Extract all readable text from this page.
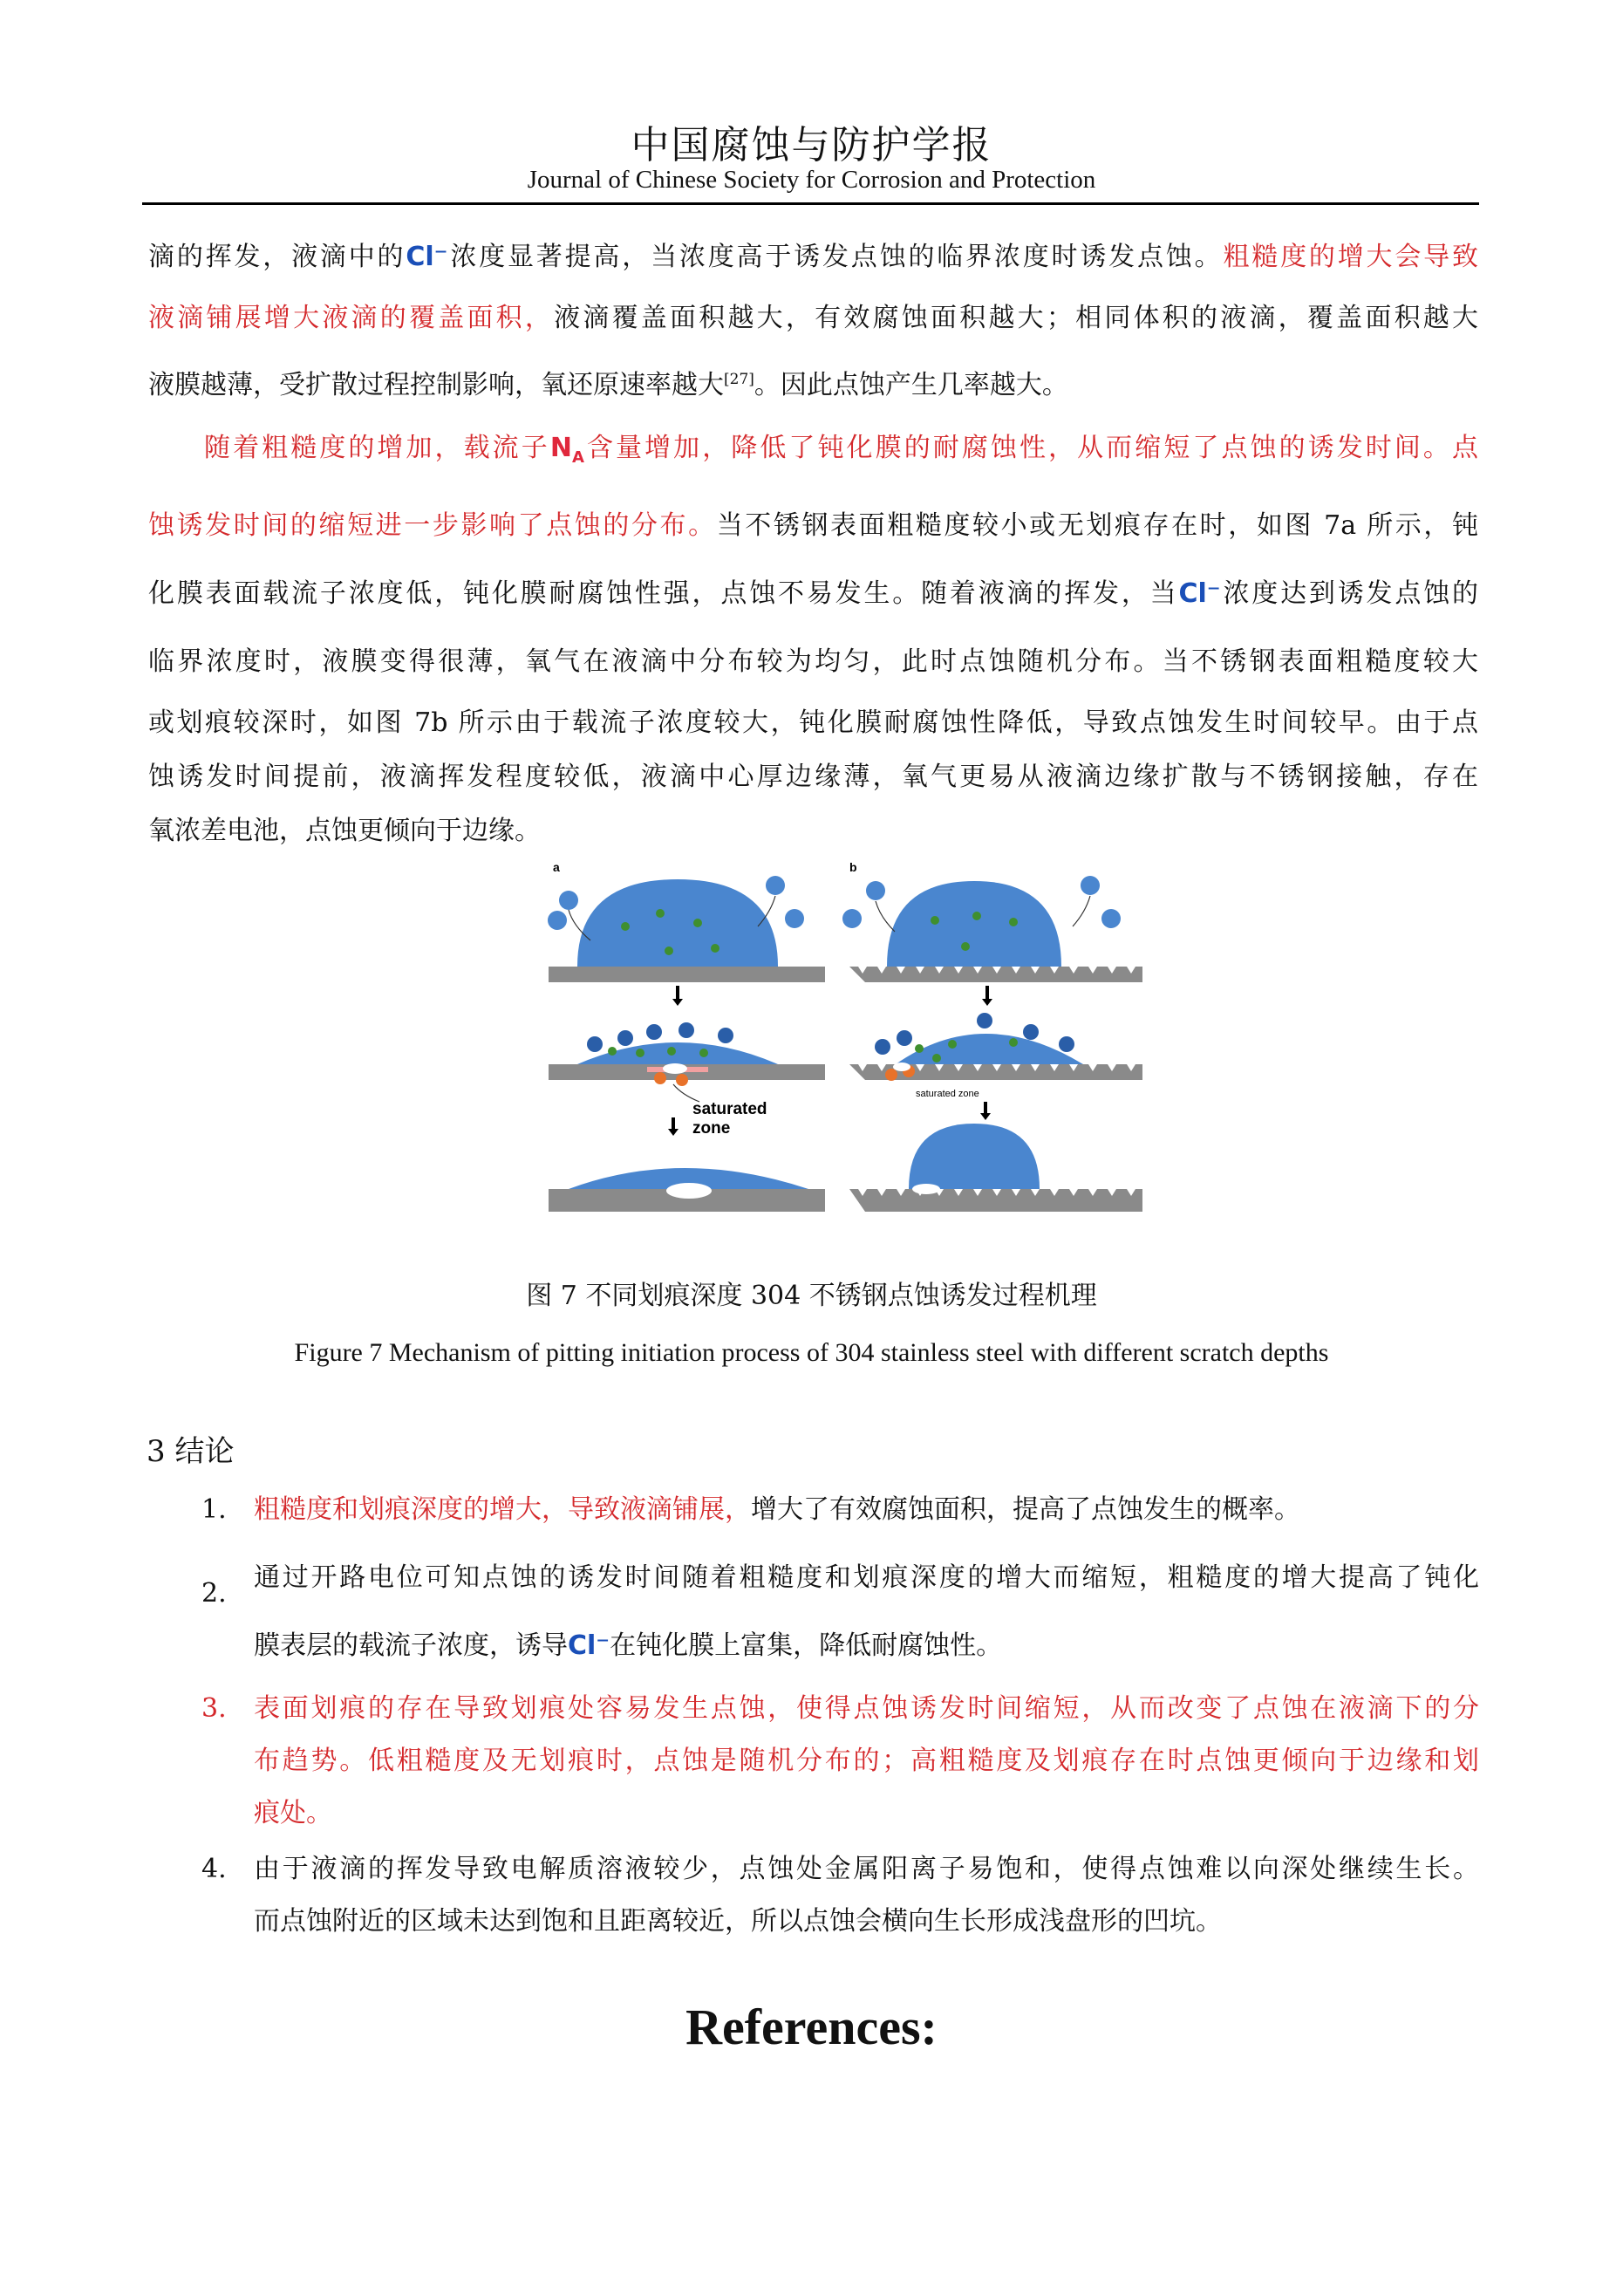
中国腐蚀与防护学报
Journal of Chinese Society for Corrosion and Protection
滴的挥发，液滴中的Cl⁻浓度显著提高，当浓度高于诱发点蚀的临界浓度时诱发点蚀。粗糙度的增大会导致
液滴铺展增大液滴的覆盖面积，液滴覆盖面积越大，有效腐蚀面积越大；相同体积的液滴，覆盖面积越大
液膜越薄，受扩散过程控制影响，氧还原速率越大[27]。因此点蚀产生几率越大。
随着粗糙度的增加，载流子$N_A$含量增加，降低了钝化膜的耐腐蚀性，从而缩短了点蚀的诱发时间。点
蚀诱发时间的缩短进一步影响了点蚀的分布。当不锈钢表面粗糙度较小或无划痕存在时，如图 7a 所示，钝
化膜表面载流子浓度低，钝化膜耐腐蚀性强，点蚀不易发生。随着液滴的挥发，当Cl⁻浓度达到诱发点蚀的
临界浓度时，液膜变得很薄，氧气在液滴中分布较为均匀，此时点蚀随机分布。当不锈钢表面粗糙度较大
或划痕较深时，如图 7b 所示由于载流子浓度较大，钝化膜耐腐蚀性降低，导致点蚀发生时间较早。由于点
蚀诱发时间提前，液滴挥发程度较低，液滴中心厚边缘薄，氧气更易从液滴边缘扩散与不锈钢接触，存在
氧浓差电池，点蚀更倾向于边缘。
a
saturated
zone
b
saturated zone
图 7 不同划痕深度 304 不锈钢点蚀诱发过程机理
Figure 7 Mechanism of pitting initiation process of 304 stainless steel with different scratch depths
3 结论
1. 粗糙度和划痕深度的增大，导致液滴铺展，增大了有效腐蚀面积，提高了点蚀发生的概率。
2.
通过开路电位可知点蚀的诱发时间随着粗糙度和划痕深度的增大而缩短，粗糙度的增大提高了钝化
膜表层的载流子浓度，诱导Cl⁻在钝化膜上富集，降低耐腐蚀性。
3. 表面划痕的存在导致划痕处容易发生点蚀，使得点蚀诱发时间缩短，从而改变了点蚀在液滴下的分
布趋势。低粗糙度及无划痕时，点蚀是随机分布的；高粗糙度及划痕存在时点蚀更倾向于边缘和划
痕处。
4. 由于液滴的挥发导致电解质溶液较少，点蚀处金属阳离子易饱和，使得点蚀难以向深处继续生长。
而点蚀附近的区域未达到饱和且距离较近，所以点蚀会横向生长形成浅盘形的凹坑。
References:
